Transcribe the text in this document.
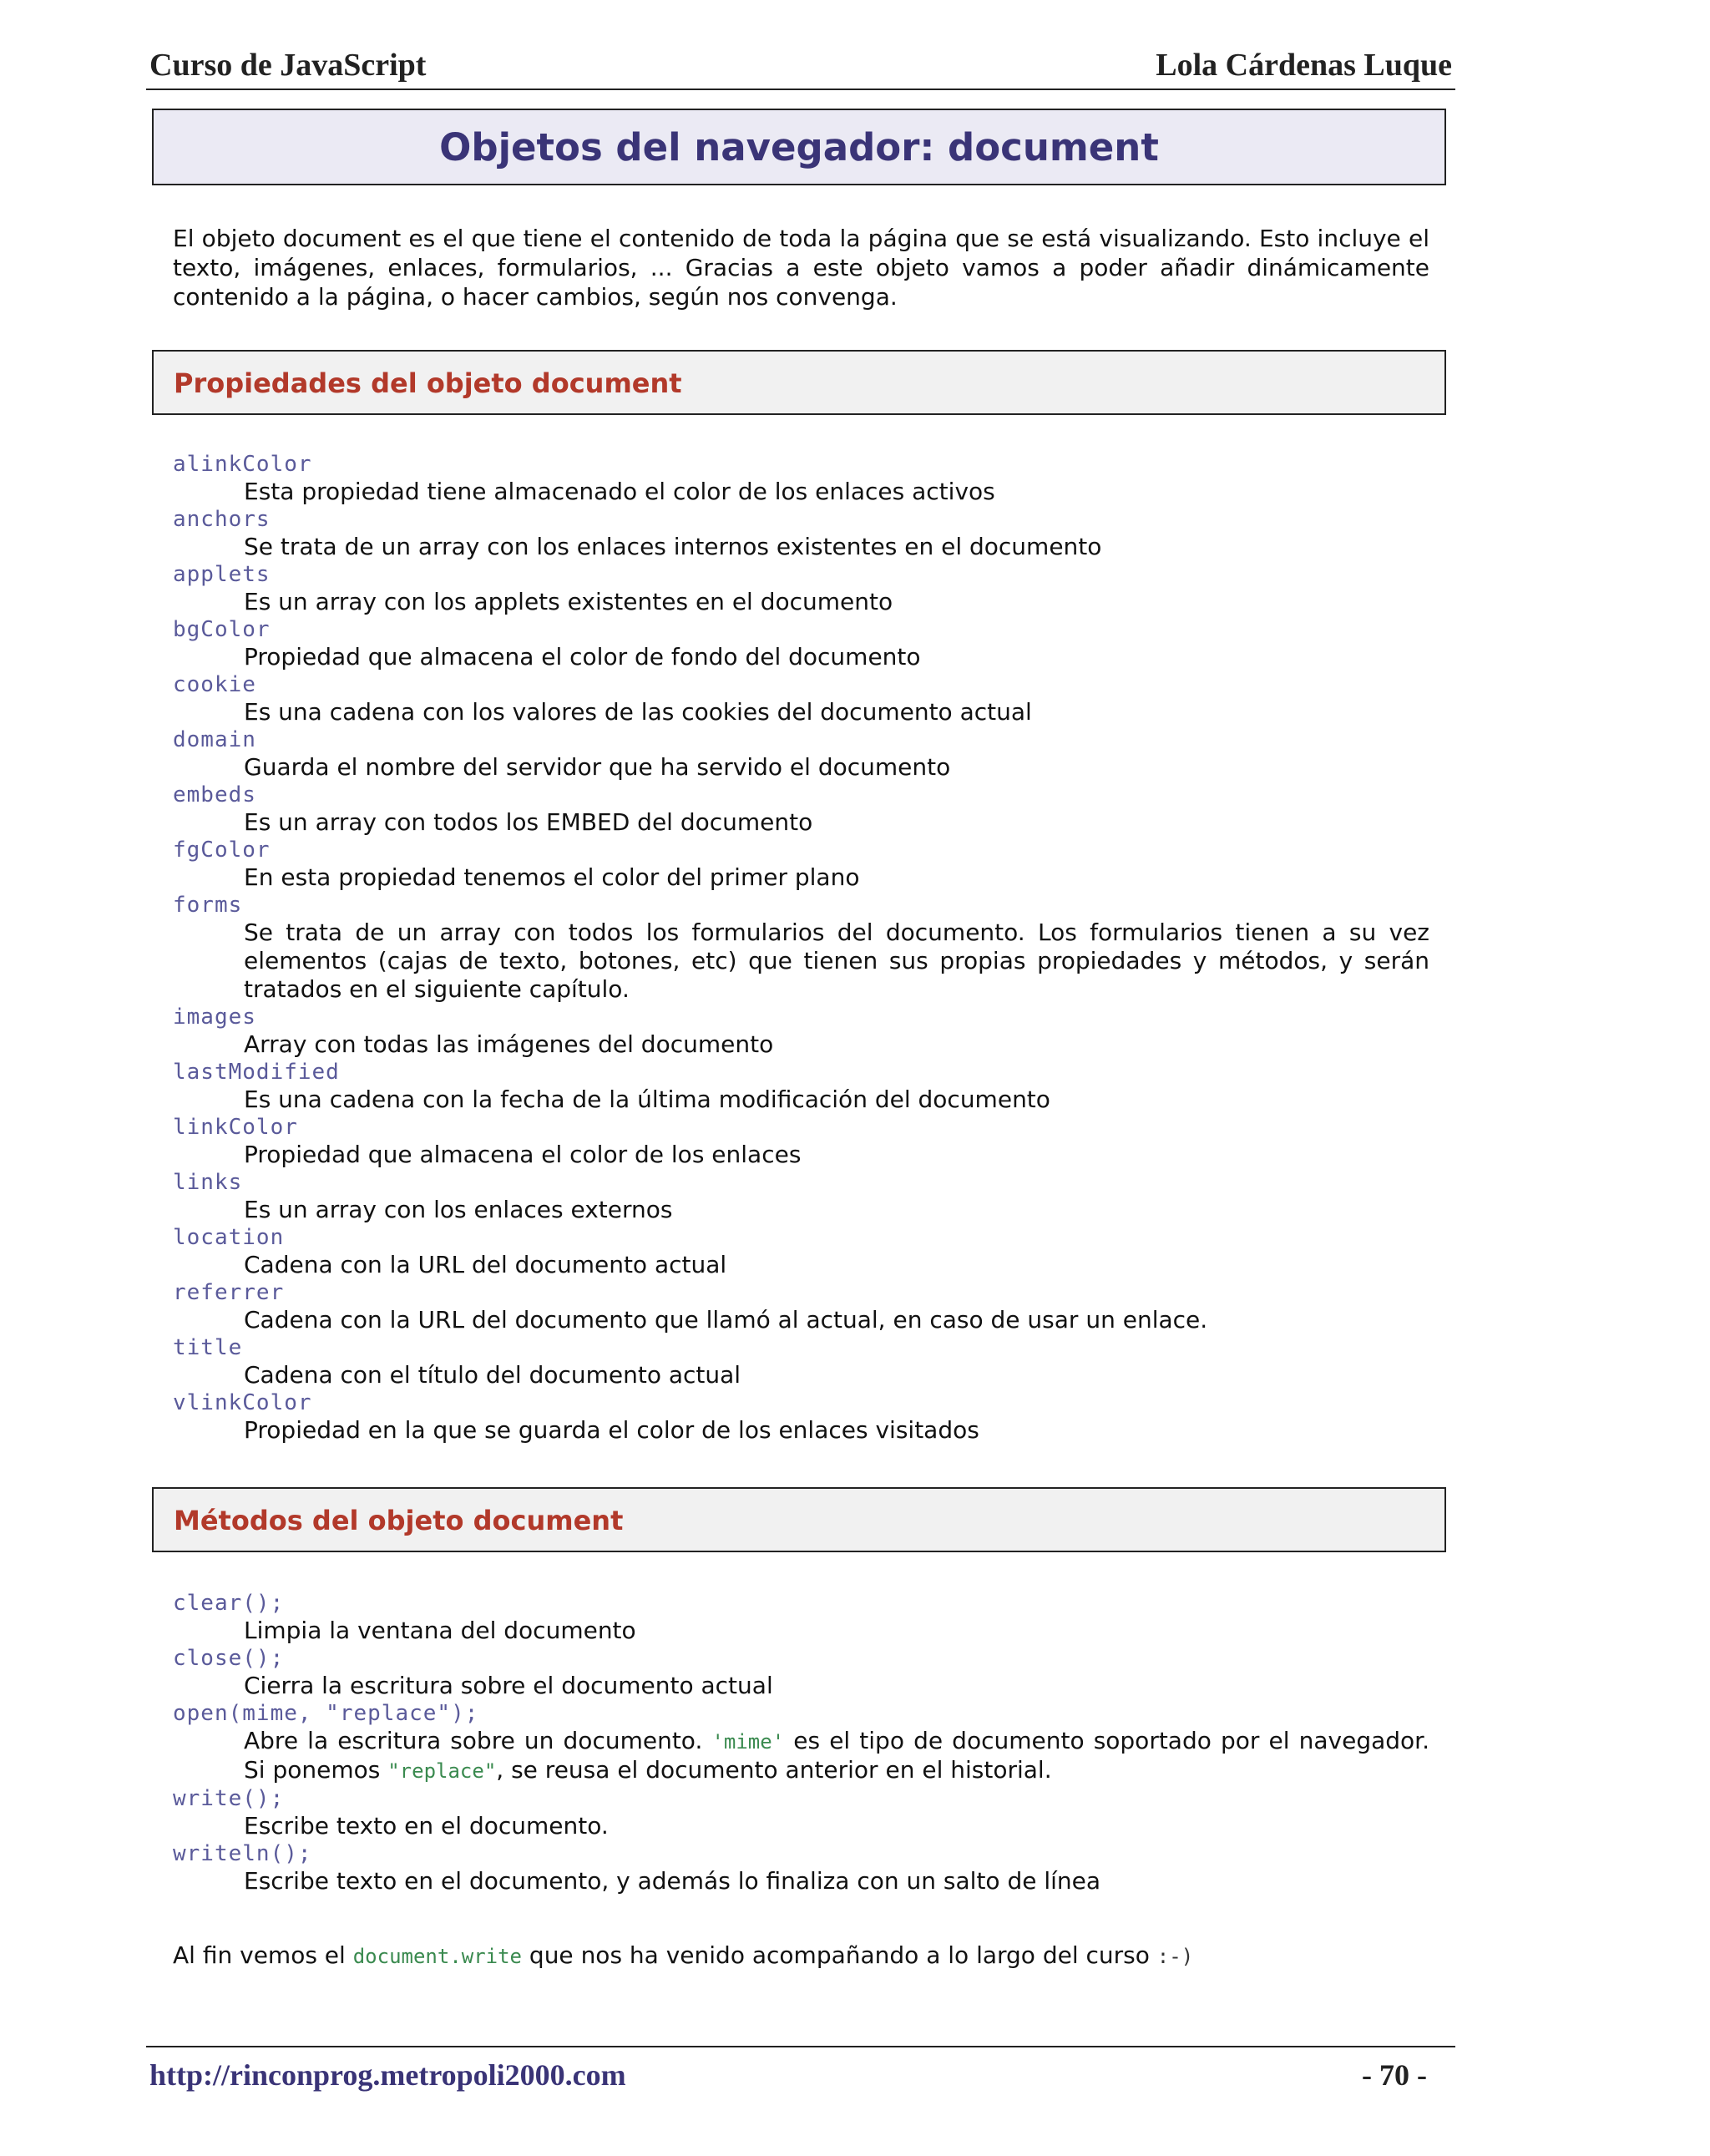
Curso de JavaScript	Lola Cárdenas Luque
Objetos del navegador: document

El objeto document es el que tiene el contenido de toda la página que se está visualizando. Esto incluye el texto, imágenes, enlaces, formularios, ... Gracias a este objeto vamos a poder añadir dinámicamente contenido a la página, o hacer cambios, según nos convenga.

Propiedades del objeto document
alinkColor
Esta propiedad tiene almacenado el color de los enlaces activos
anchors
Se trata de un array con los enlaces internos existentes en el documento
applets
Es un array con los applets existentes en el documento
bgColor
Propiedad que almacena el color de fondo del documento
cookie
Es una cadena con los valores de las cookies del documento actual
domain
Guarda el nombre del servidor que ha servido el documento
embeds
Es un array con todos los EMBED del documento
fgColor
En esta propiedad tenemos el color del primer plano
forms
Se trata de un array con todos los formularios del documento. Los formularios tienen a su vez elementos (cajas de texto, botones, etc) que tienen sus propias propiedades y métodos, y serán tratados en el siguiente capítulo.
images
Array con todas las imágenes del documento
lastModified
Es una cadena con la fecha de la última modificación del documento
linkColor
Propiedad que almacena el color de los enlaces
links
Es un array con los enlaces externos
location
Cadena con la URL del documento actual
referrer
Cadena con la URL del documento que llamó al actual, en caso de usar un enlace.
title
Cadena con el título del documento actual
vlinkColor
Propiedad en la que se guarda el color de los enlaces visitados
Métodos del objeto document
clear();
Limpia la ventana del documento
close();
Cierra la escritura sobre el documento actual
open(mime, "replace");
Abre la escritura sobre un documento. 'mime' es el tipo de documento soportado por el navegador. Si ponemos "replace", se reusa el documento anterior en el historial.
write();
Escribe texto en el documento.
writeln();
Escribe texto en el documento, y además lo finaliza con un salto de línea

Al fin vemos el document.write que nos ha venido acompañando a lo largo del curso :-)

http://rinconprog.metropoli2000.com	- 70 -
